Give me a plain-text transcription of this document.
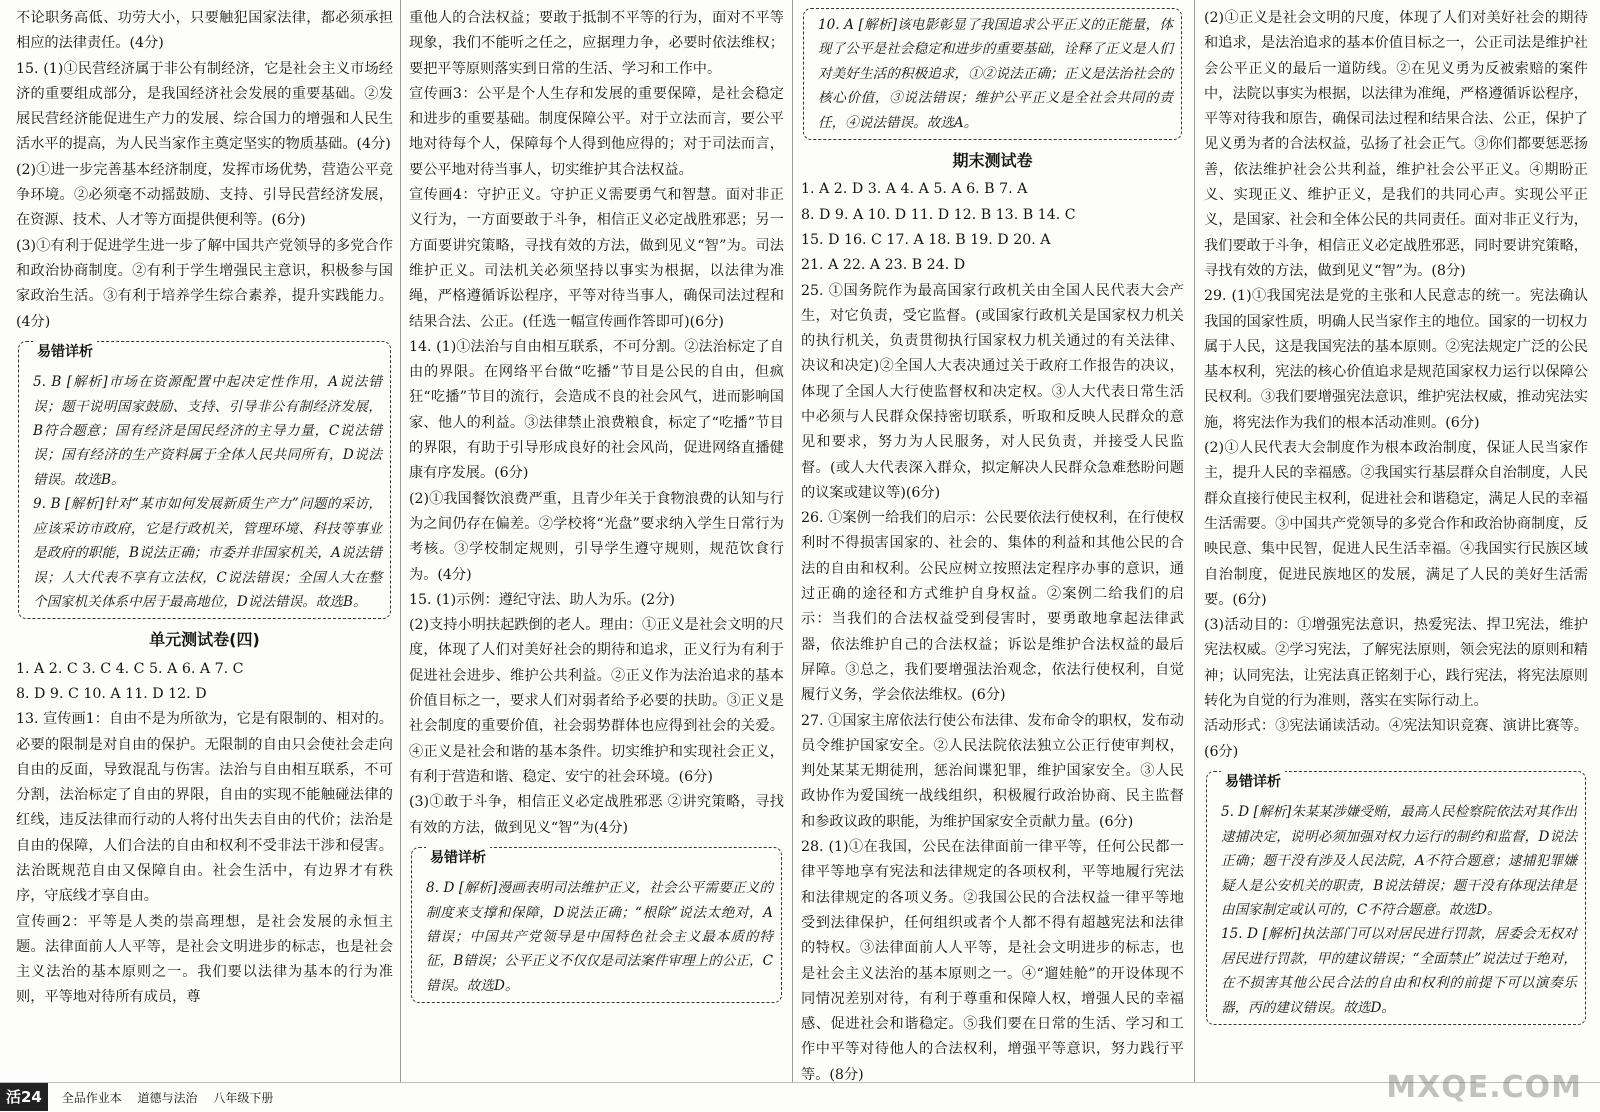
不论职务高低、功劳大小，只要触犯国家法律，都必须承担相应的法律责任。(4分)

15. (1)①民营经济属于非公有制经济，它是社会主义市场经济的重要组成部分，是我国经济社会发展的重要基础。②发展民营经济能促进生产力的发展、综合国力的增强和人民生活水平的提高，为人民当家作主奠定坚实的物质基础。(4分)

(2)①进一步完善基本经济制度，发挥市场优势，营造公平竞争环境。②必须毫不动摇鼓励、支持、引导民营经济发展，在资源、技术、人才等方面提供便利等。(6分)

(3)①有利于促进学生进一步了解中国共产党领导的多党合作和政治协商制度。②有利于学生增强民主意识，积极参与国家政治生活。③有利于培养学生综合素养，提升实践能力。(4分)

易错详析

5. B [解析]市场在资源配置中起决定性作用，A说法错误；题干说明国家鼓励、支持、引导非公有制经济发展，B符合题意；国有经济是国民经济的主导力量，C说法错误；国有经济的生产资料属于全体人民共同所有，D说法错误。故选B。

9. B [解析]针对“某市如何发展新质生产力”问题的采访，应该采访市政府，它是行政机关，管理环境、科技等事业是政府的职能，B说法正确；市委并非国家机关，A说法错误；人大代表不享有立法权，C说法错误；全国人大在整个国家机关体系中居于最高地位，D说法错误。故选B。

单元测试卷(四)

1. A 2. C 3. C 4. C 5. A 6. A 7. C

8. D 9. C 10. A 11. D 12. D

13. 宣传画1：自由不是为所欲为，它是有限制的、相对的。必要的限制是对自由的保护。无限制的自由只会使社会走向自由的反面，导致混乱与伤害。法治与自由相互联系，不可分割，法治标定了自由的界限，自由的实现不能触碰法律的红线，违反法律而行动的人将付出失去自由的代价；法治是自由的保障，人们合法的自由和权利不受非法干涉和侵害。法治既规范自由又保障自由。社会生活中，有边界才有秩序，守底线才享自由。

宣传画2：平等是人类的崇高理想，是社会发展的永恒主题。法律面前人人平等，是社会文明进步的标志，也是社会主义法治的基本原则之一。我们要以法律为基本的行为准则，平等地对待所有成员，尊

重他人的合法权益；要敢于抵制不平等的行为，面对不平等现象，我们不能听之任之，应据理力争，必要时依法维权；要把平等原则落实到日常的生活、学习和工作中。

宣传画3：公平是个人生存和发展的重要保障，是社会稳定和进步的重要基础。制度保障公平。对于立法而言，要公平地对待每个人，保障每个人得到他应得的；对于司法而言，要公平地对待当事人，切实维护其合法权益。

宣传画4：守护正义。守护正义需要勇气和智慧。面对非正义行为，一方面要敢于斗争，相信正义必定战胜邪恶；另一方面要讲究策略，寻找有效的方法，做到见义“智”为。司法维护正义。司法机关必须坚持以事实为根据，以法律为准绳，严格遵循诉讼程序，平等对待当事人，确保司法过程和结果合法、公正。(任选一幅宣传画作答即可)(6分)

14. (1)①法治与自由相互联系，不可分割。②法治标定了自由的界限。在网络平台做“吃播”节目是公民的自由，但疯狂“吃播”节目的流行，会造成不良的社会风气，进而影响国家、他人的利益。③法律禁止浪费粮食，标定了“吃播”节目的界限，有助于引导形成良好的社会风尚，促进网络直播健康有序发展。(6分)

(2)①我国餐饮浪费严重，且青少年关于食物浪费的认知与行为之间仍存在偏差。②学校将“光盘”要求纳入学生日常行为考核。③学校制定规则，引导学生遵守规则，规范饮食行为。(4分)

15. (1)示例：遵纪守法、助人为乐。(2分)

(2)支持小明扶起跌倒的老人。理由：①正义是社会文明的尺度，体现了人们对美好社会的期待和追求，正义行为有利于促进社会进步、维护公共利益。②正义作为法治追求的基本价值目标之一，要求人们对弱者给予必要的扶助。③正义是社会制度的重要价值，社会弱势群体也应得到社会的关爱。④正义是社会和谐的基本条件。切实维护和实现社会正义，有利于营造和谐、稳定、安宁的社会环境。(6分)

(3)①敢于斗争，相信正义必定战胜邪恶 ②讲究策略，寻找有效的方法，做到见义“智”为(4分)

易错详析

8. D [解析]漫画表明司法维护正义，社会公平需要正义的制度来支撑和保障，D说法正确；“根除”说法太绝对，A错误；中国共产党领导是中国特色社会主义最本质的特征，B错误；公平正义不仅仅是司法案件审理上的公正，C错误。故选D。

10. A [解析]该电影彰显了我国追求公平正义的正能量，体现了公平是社会稳定和进步的重要基础，诠释了正义是人们对美好生活的积极追求，①②说法正确；正义是法治社会的核心价值，③说法错误；维护公平正义是全社会共同的责任，④说法错误。故选A。

期末测试卷

1. A 2. D 3. A 4. A 5. A 6. B 7. A

8. D 9. A 10. D 11. D 12. B 13. B 14. C

15. D 16. C 17. A 18. B 19. D 20. A

21. A 22. A 23. B 24. D

25. ①国务院作为最高国家行政机关由全国人民代表大会产生，对它负责，受它监督。(或国家行政机关是国家权力机关的执行机关，负责贯彻执行国家权力机关通过的有关法律、决议和决定)②全国人大表决通过关于政府工作报告的决议，体现了全国人大行使监督权和决定权。③人大代表日常生活中必须与人民群众保持密切联系，听取和反映人民群众的意见和要求，努力为人民服务，对人民负责，并接受人民监督。(或人大代表深入群众，拟定解决人民群众急难愁盼问题的议案或建议等)(6分)

26. ①案例一给我们的启示：公民要依法行使权利，在行使权利时不得损害国家的、社会的、集体的利益和其他公民的合法的自由和权利。公民应树立按照法定程序办事的意识，通过正确的途径和方式维护自身权益。②案例二给我们的启示：当我们的合法权益受到侵害时，要勇敢地拿起法律武器，依法维护自己的合法权益；诉讼是维护合法权益的最后屏障。③总之，我们要增强法治观念，依法行使权利，自觉履行义务，学会依法维权。(6分)

27. ①国家主席依法行使公布法律、发布命令的职权，发布动员令维护国家安全。②人民法院依法独立公正行使审判权，判处某某无期徒刑，惩治间谍犯罪，维护国家安全。③人民政协作为爱国统一战线组织，积极履行政治协商、民主监督和参政议政的职能，为维护国家安全贡献力量。(6分)

28. (1)①在我国，公民在法律面前一律平等，任何公民都一律平等地享有宪法和法律规定的各项权利，平等地履行宪法和法律规定的各项义务。②我国公民的合法权益一律平等地受到法律保护，任何组织或者个人都不得有超越宪法和法律的特权。③法律面前人人平等，是社会文明进步的标志，也是社会主义法治的基本原则之一。④“遛娃舱”的开设体现不同情况差别对待，有利于尊重和保障人权，增强人民的幸福感、促进社会和谐稳定。⑤我们要在日常的生活、学习和工作中平等对待他人的合法权利，增强平等意识，努力践行平等。(8分)

(2)①正义是社会文明的尺度，体现了人们对美好社会的期待和追求，是法治追求的基本价值目标之一，公正司法是维护社会公平正义的最后一道防线。②在见义勇为反被索赔的案件中，法院以事实为根据，以法律为准绳，严格遵循诉讼程序，平等对待我和原告，确保司法过程和结果合法、公正，保护了见义勇为者的合法权益，弘扬了社会正气。③你们都要惩恶扬善，依法维护社会公共利益，维护社会公平正义。④期盼正义、实现正义、维护正义，是我们的共同心声。实现公平正义，是国家、社会和全体公民的共同责任。面对非正义行为，我们要敢于斗争，相信正义必定战胜邪恶，同时要讲究策略，寻找有效的方法，做到见义“智”为。(8分)

29. (1)①我国宪法是党的主张和人民意志的统一。宪法确认我国的国家性质，明确人民当家作主的地位。国家的一切权力属于人民，这是我国宪法的基本原则。②宪法规定广泛的公民基本权利，宪法的核心价值追求是规范国家权力运行以保障公民权利。③我们要增强宪法意识，维护宪法权威，推动宪法实施，将宪法作为我们的根本活动准则。(6分)

(2)①人民代表大会制度作为根本政治制度，保证人民当家作主，提升人民的幸福感。②我国实行基层群众自治制度，人民群众直接行使民主权利，促进社会和谐稳定，满足人民的幸福生活需要。③中国共产党领导的多党合作和政治协商制度，反映民意、集中民智，促进人民生活幸福。④我国实行民族区域自治制度，促进民族地区的发展，满足了人民的美好生活需要。(6分)

(3)活动目的：①增强宪法意识，热爱宪法、捍卫宪法，维护宪法权威。②学习宪法，了解宪法原则，领会宪法的原则和精神；认同宪法，让宪法真正铭刻于心，践行宪法，将宪法原则转化为自觉的行为准则，落实在实际行动上。

活动形式：③宪法诵读活动。④宪法知识竞赛、演讲比赛等。(6分)

易错详析

5. D [解析]朱某某涉嫌受贿，最高人民检察院依法对其作出逮捕决定，说明必须加强对权力运行的制约和监督，D说法正确；题干没有涉及人民法院，A不符合题意；逮捕犯罪嫌疑人是公安机关的职责，B说法错误；题干没有体现法律是由国家制定或认可的，C不符合题意。故选D。

15. D [解析]执法部门可以对居民进行罚款，居委会无权对居民进行罚款，甲的建议错误；“全面禁止”说法过于绝对，在不损害其他公民合法的自由和权利的前提下可以演奏乐器，丙的建议错误。故选D。

活24 全品作业本 道德与法治 八年级下册	MXQE.COM
